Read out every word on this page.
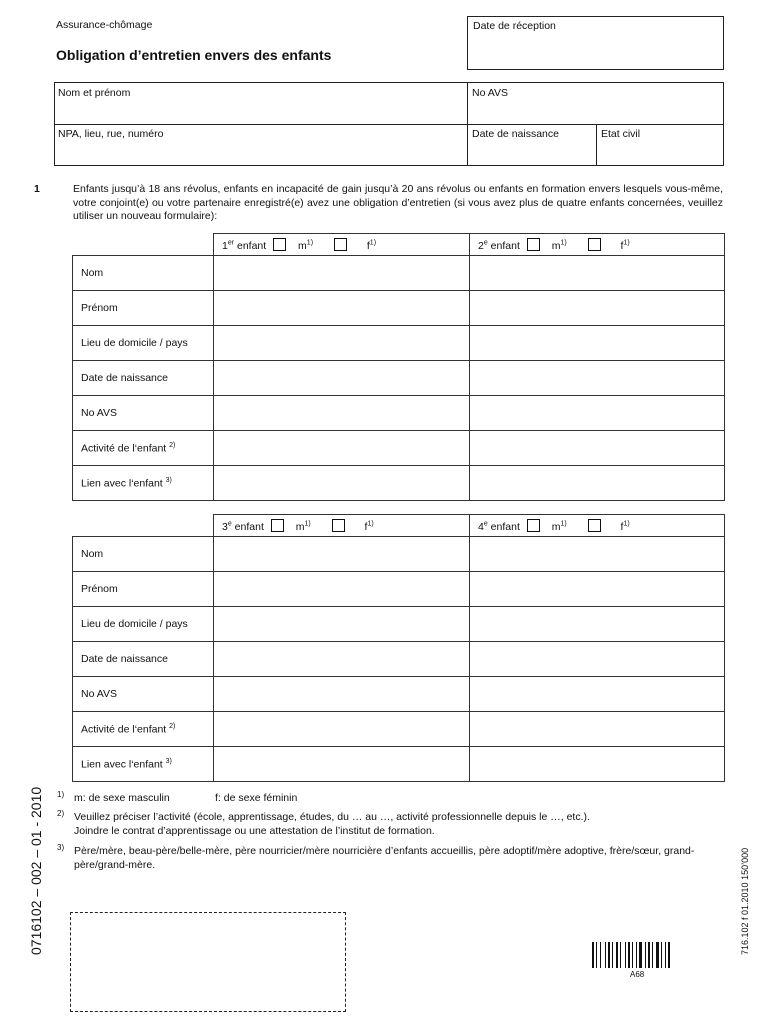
Assurance-chômage
Obligation d’entretien envers des enfants
Date de réception
Nom et prénom	No AVS
NPA, lieu, rue, numéro	Date de naissance	Etat civil
1	Enfants jusqu’à 18 ans révolus, enfants en incapacité de gain jusqu’à 20 ans révolus ou enfants en formation envers lesquels vous-même, votre conjoint(e) ou votre partenaire enregistré(e) avez une obligation d’entretien (si vous avez plus de quatre enfants concernées, veuillez utiliser un nouveau formulaire):
	1er enfant $m^{1)}$ $f^{1)}$	2e enfant $m^{1)}$ $f^{1)}$
Nom		
Prénom		
Lieu de domicile / pays		
Date de naissance		
No AVS		
Activité de l‘enfant $^{2)}$		
Lien avec l‘enfant $^{3)}$		
	3e enfant $m^{1)}$ $f^{1)}$	4e enfant $m^{1)}$ $f^{1)}$
Nom		
Prénom		
Lieu de domicile / pays		
Date de naissance		
No AVS		
Activité de l‘enfant $^{2)}$		
Lien avec l‘enfant $^{3)}$		
1) m: de sexe masculin	f: de sexe féminin
2) Veuillez préciser l’activité (école, apprentissage, études, du … au …, activité professionnelle depuis le …, etc.).
Joindre le contrat d’apprentissage ou une attestation de l’institut de formation.
3) Père/mère, beau-père/belle-mère, père nourricier/mère nourricière d’enfants accueillis, père adoptif/mère adoptive, frère/sœur, grand-père/grand-mère.
0716102 – 002 – 01 - 2010	716.102 f 01.2010 150’000
A68
